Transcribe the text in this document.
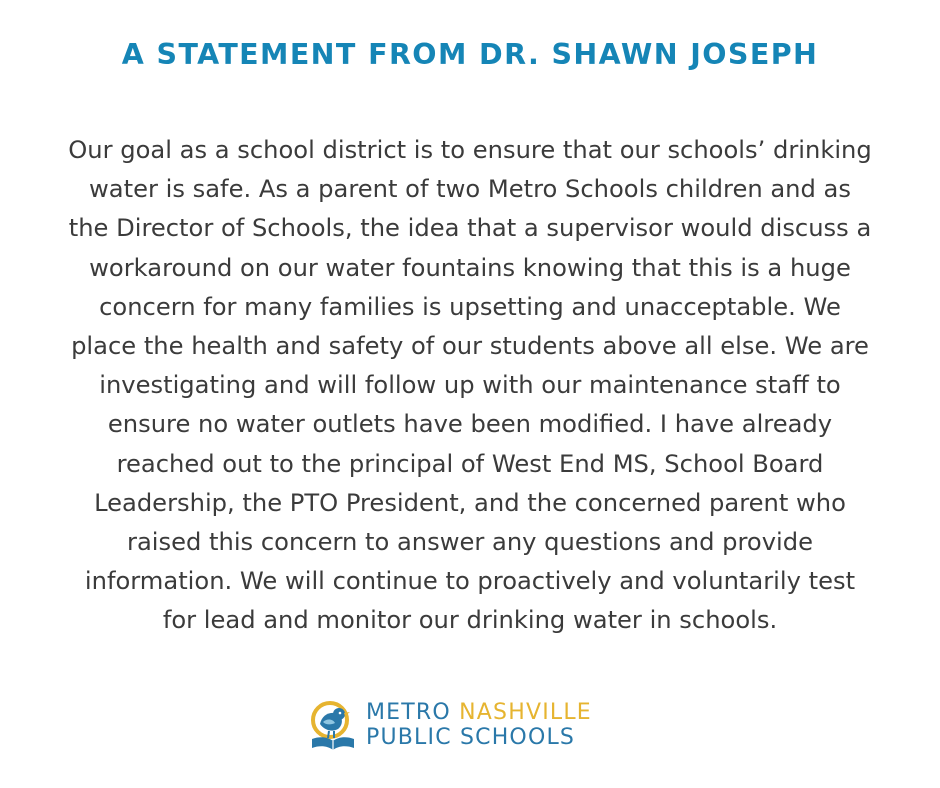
A STATEMENT FROM DR. SHAWN JOSEPH
Our goal as a school district is to ensure that our schools’ drinking
water is safe. As a parent of two Metro Schools children and as
the Director of Schools, the idea that a supervisor would discuss a
workaround on our water fountains knowing that this is a huge
concern for many families is upsetting and unacceptable. We
place the health and safety of our students above all else. We are
investigating and will follow up with our maintenance staff to
ensure no water outlets have been modified. I have already
reached out to the principal of West End MS, School Board
Leadership, the PTO President, and the concerned parent who
raised this concern to answer any questions and provide
information. We will continue to proactively and voluntarily test
for lead and monitor our drinking water in schools.
METRO NASHVILLE
PUBLIC SCHOOLS
